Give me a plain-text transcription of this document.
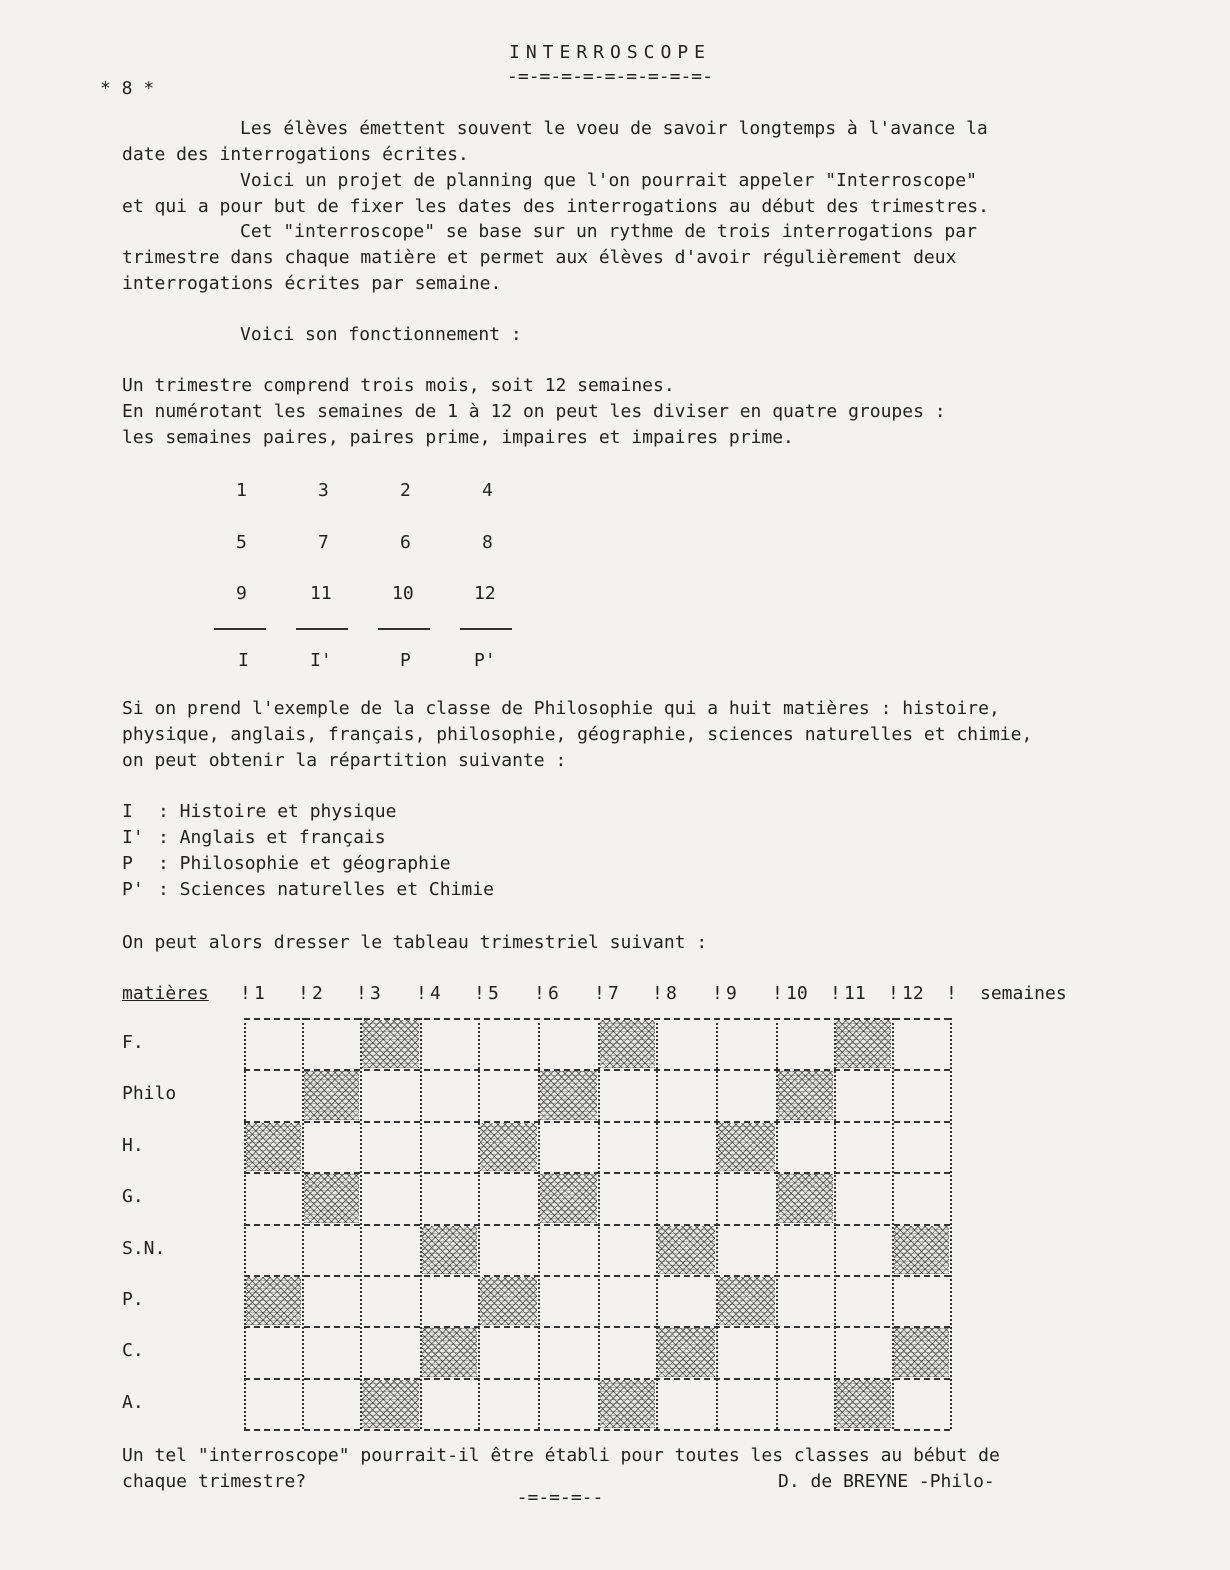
INTERROSCOPE
-=-=-=-=-=-=-=-=-=-
* 8 *
Les élèves émettent souvent le voeu de savoir longtemps à l'avance la
date des interrogations écrites.
Voici un projet de planning que l'on pourrait appeler "Interroscope"
et qui a pour but de fixer les dates des interrogations au début des trimestres.
Cet "interroscope" se base sur un rythme de trois interrogations par
trimestre dans chaque matière et permet aux élèves d'avoir régulièrement deux
interrogations écrites par semaine.
Voici son fonctionnement :
Un trimestre comprend trois mois, soit 12 semaines.
En numérotant les semaines de 1 à 12 on peut les diviser en quatre groupes :
les semaines paires, paires prime, impaires et impaires prime.
1
5
9
I
3
7
11
I'
2
6
10
P
4
8
12
P'
Si on prend l'exemple de la classe de Philosophie qui a huit matières : histoire,
physique, anglais, français, philosophie, géographie, sciences naturelles et chimie,
on peut obtenir la répartition suivante :
I : Histoire et physique
I' : Anglais et français
P : Philosophie et géographie
P' : Sciences naturelles et Chimie
On peut alors dresser le tableau trimestriel suivant :
matières	semaines
! 1 ! 2 ! 3 ! 4 ! 5 ! 6 ! 7 ! 8 ! 9 ! 10 ! 11 ! 12 !
F.
Philo
H.
G.
S.N.
P.
C.
A.
Un tel "interroscope" pourrait-il être établi pour toutes les classes au bébut de
chaque trimestre?	D. de BREYNE -Philo-
-=-=-=--
